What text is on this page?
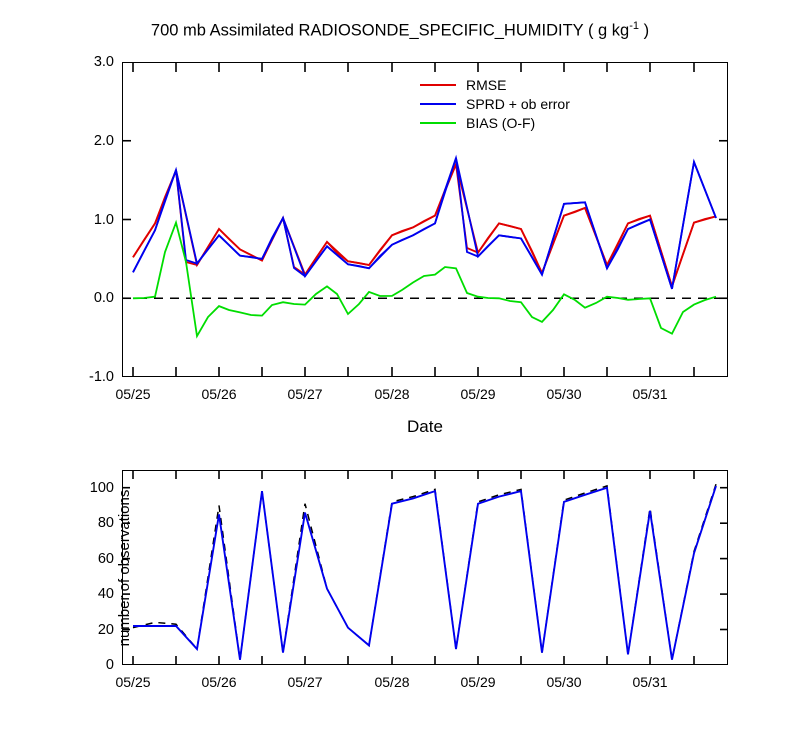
700 mb Assimilated RADIOSONDE_SPECIFIC_HUMIDITY ( g $kg^{-1}$ )
RMSE
SPRD + ob error
BIAS (O-F)
3.0
2.0
1.0
0.0
-1.0
05/25	05/26	05/27	05/28	05/29	05/30	05/31
Date
number of observations
100
80
60
40
20
0
05/25	05/26	05/27	05/28	05/29	05/30	05/31
